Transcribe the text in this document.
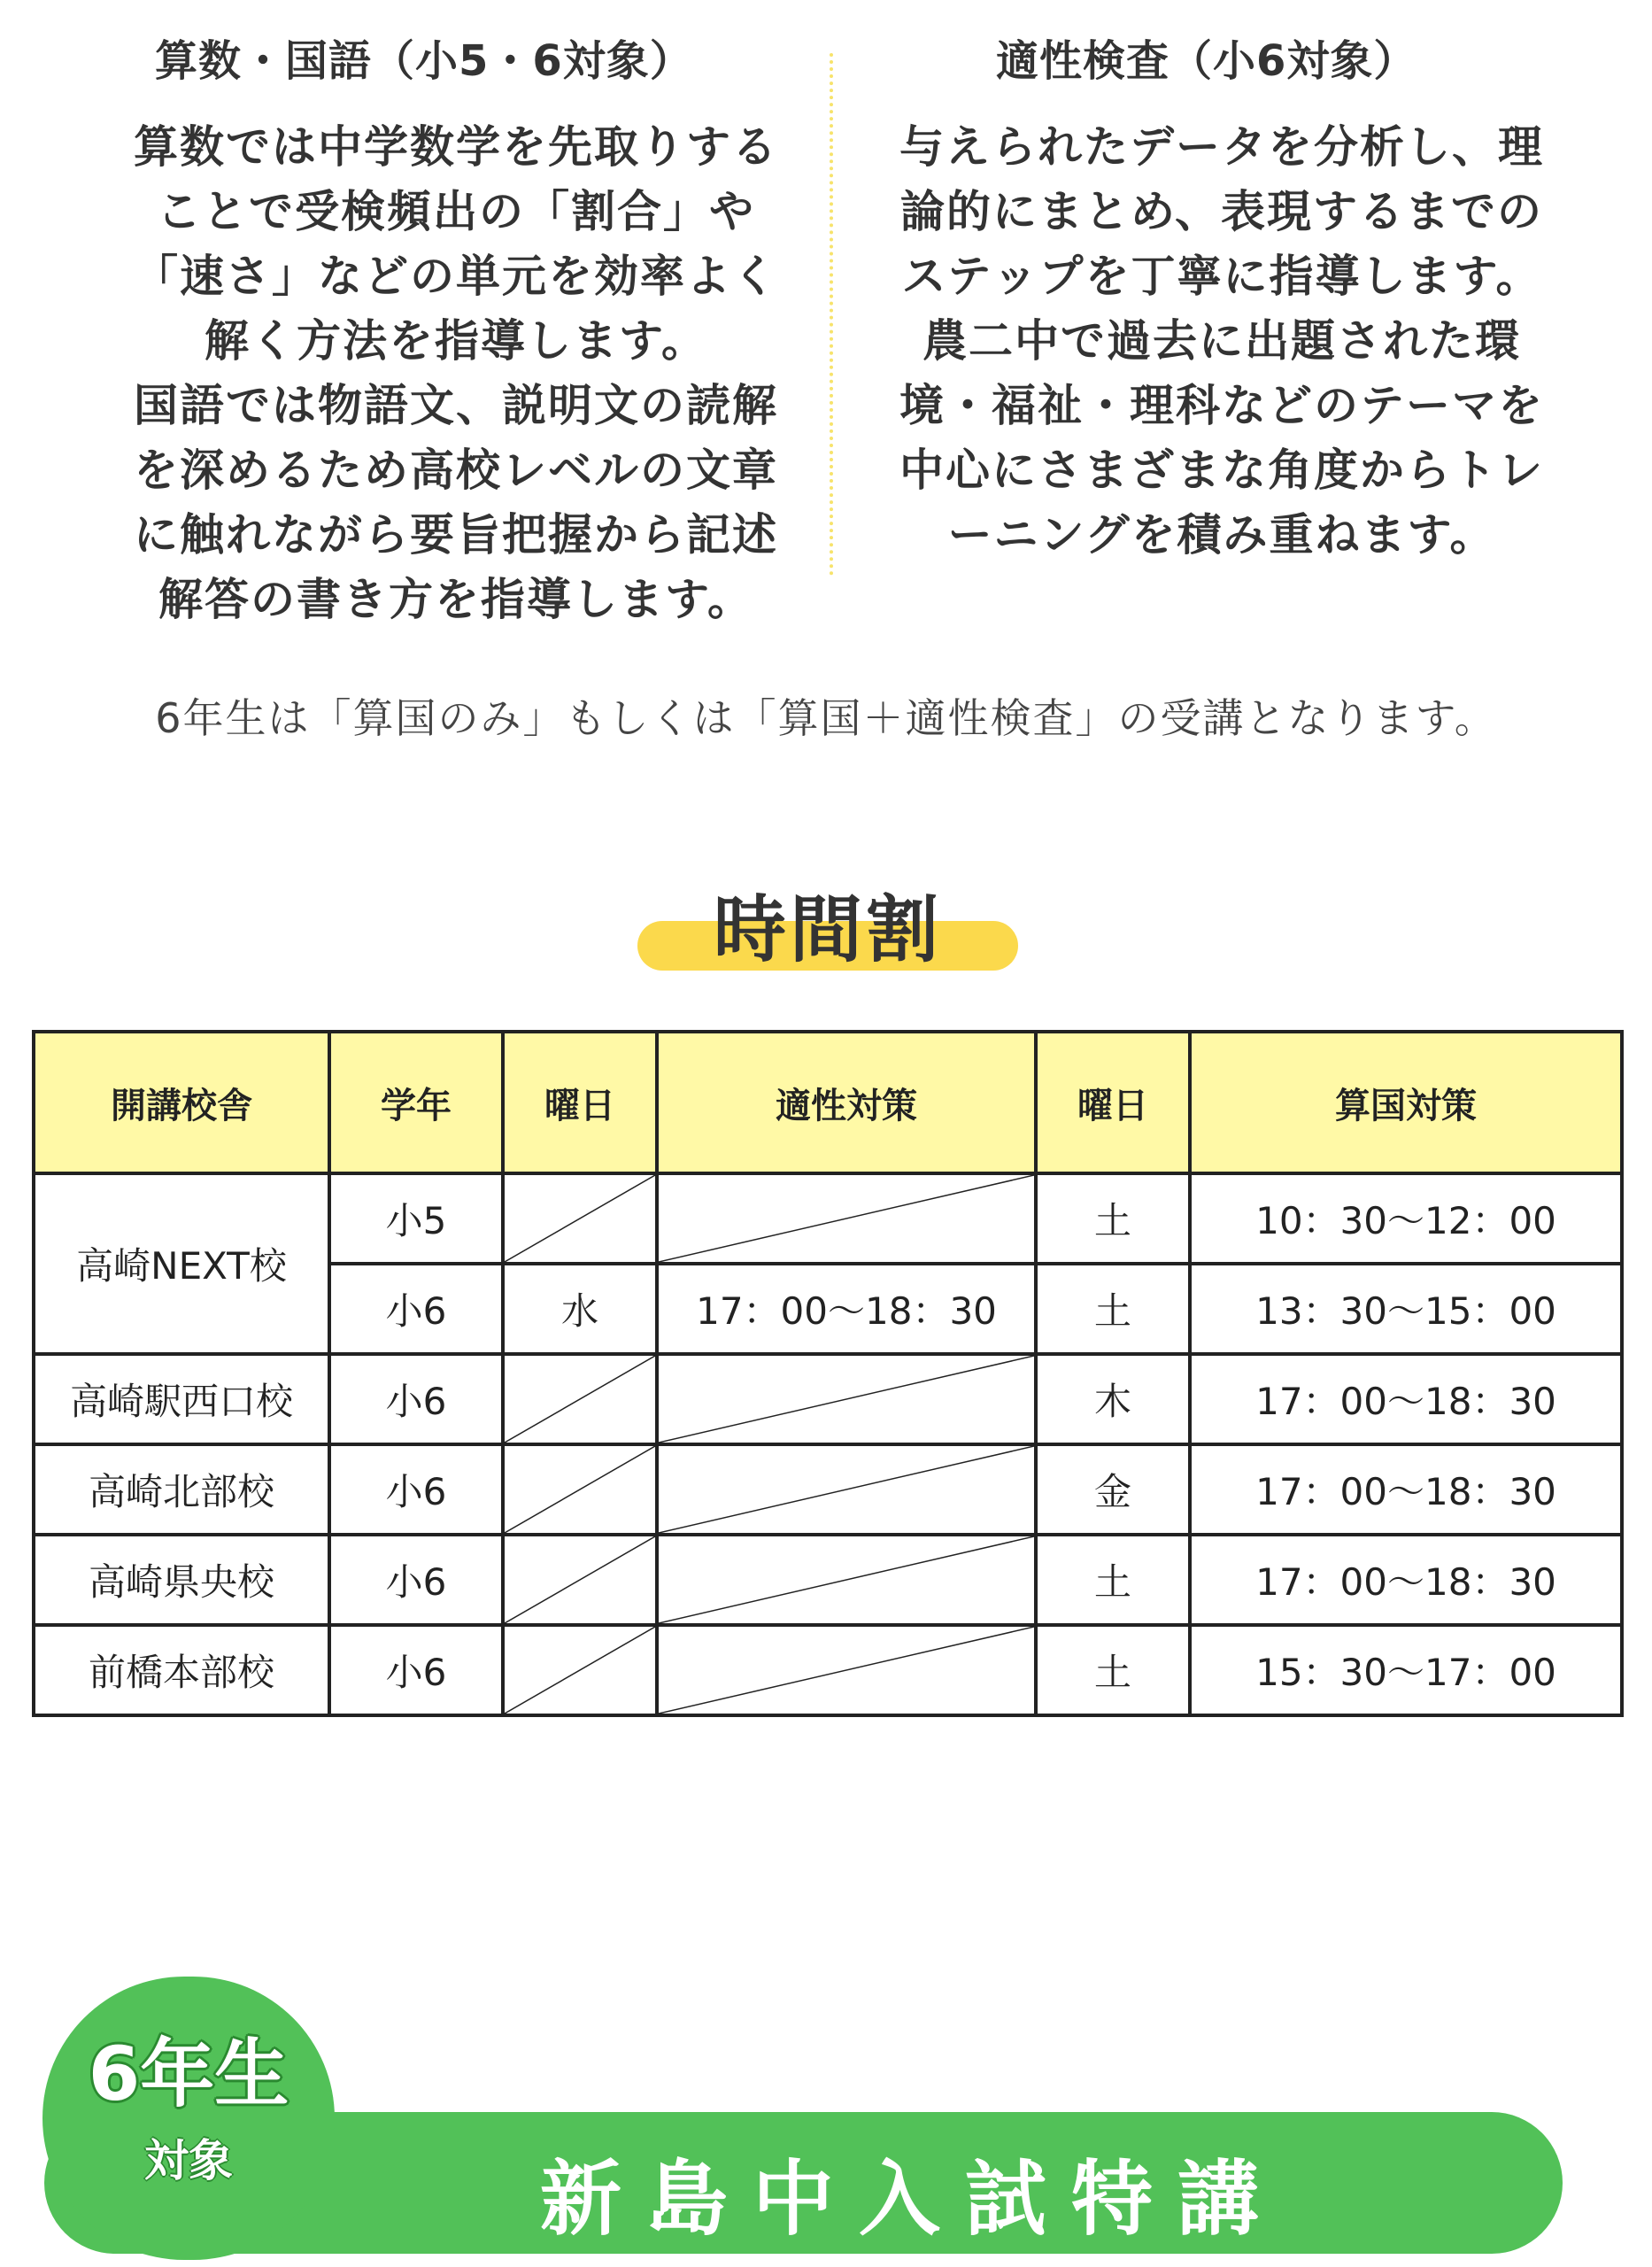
算数・国語（小5・6対象）
算数では中学数学を先取りする
ことで受検頻出の「割合」や
「速さ」などの単元を効率よく
解く方法を指導します。
国語では物語文、説明文の読解
を深めるため高校レベルの文章
に触れながら要旨把握から記述
解答の書き方を指導します。
適性検査（小6対象）
与えられたデータを分析し、理
論的にまとめ、表現するまでの
ステップを丁寧に指導します。
農二中で過去に出題された環
境・福祉・理科などのテーマを
中心にさまざまな角度からトレ
ーニングを積み重ねます。
6年生は「算国のみ」もしくは「算国＋適性検査」の受講となります。
時間割
開講校舎	学年	曜日	適性対策	曜日	算国対策
高崎NEXT校	小5			土	10：30〜12：00
	小6	水	17：00〜18：30	土	13：30〜15：00
高崎駅西口校	小6			木	17：00〜18：30
高崎北部校	小6			金	17：00〜18：30
高崎県央校	小6			土	17：00〜18：30
前橋本部校	小6			土	15：30〜17：00
6年生
対象	新島中入試特講
